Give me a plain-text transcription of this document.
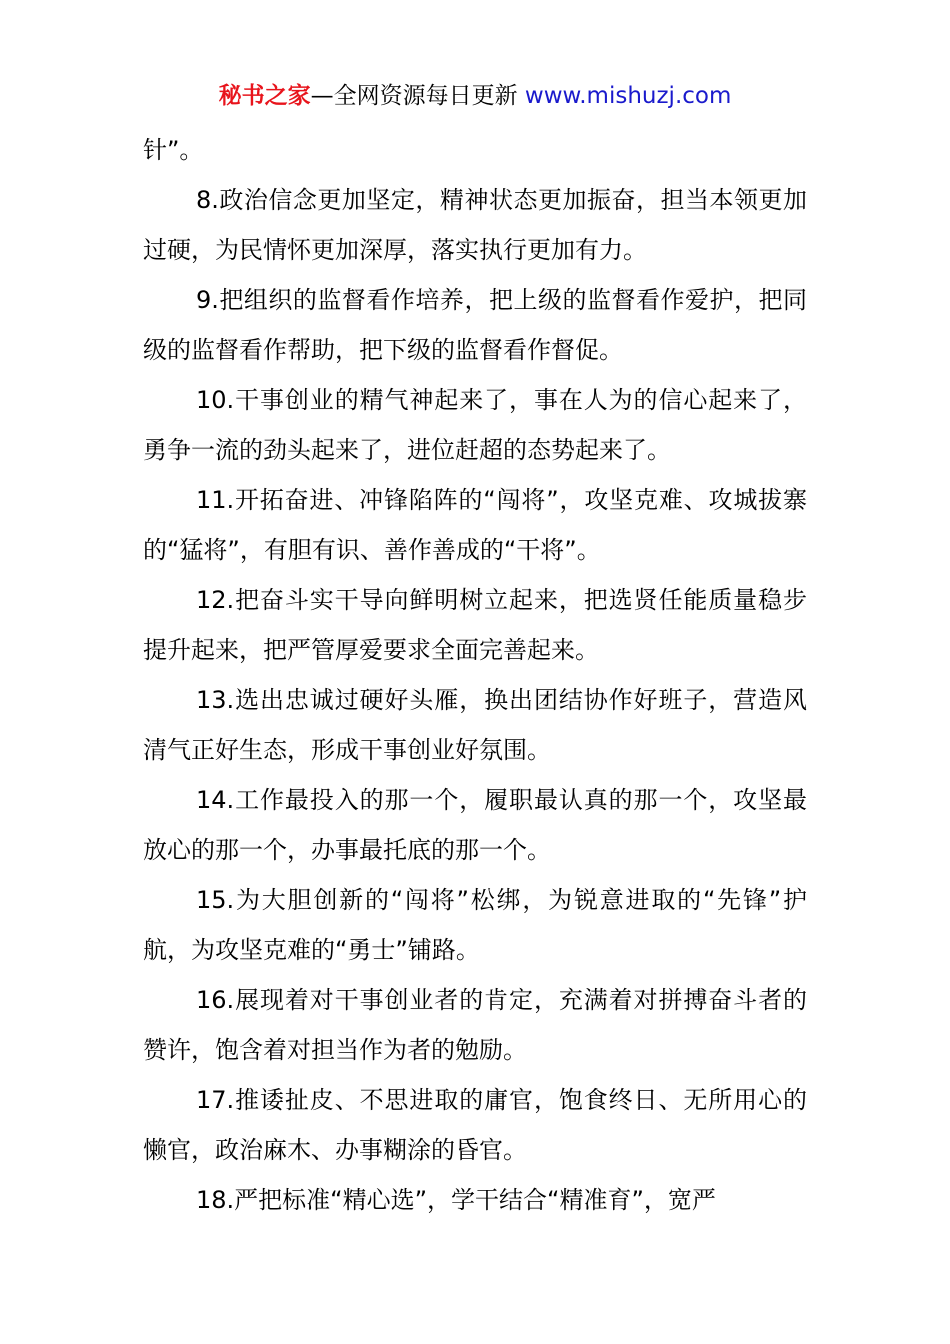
秘书之家—全网资源每日更新 www.mishuzj.com

针”。

8.政治信念更加坚定，精神状态更加振奋，担当本领更加过硬，为民情怀更加深厚，落实执行更加有力。

9.把组织的监督看作培养，把上级的监督看作爱护，把同级的监督看作帮助，把下级的监督看作督促。

10.干事创业的精气神起来了，事在人为的信心起来了，勇争一流的劲头起来了，进位赶超的态势起来了。

11.开拓奋进、冲锋陷阵的“闯将”，攻坚克难、攻城拔寨的“猛将”，有胆有识、善作善成的“干将”。

12.把奋斗实干导向鲜明树立起来，把选贤任能质量稳步提升起来，把严管厚爱要求全面完善起来。

13.选出忠诚过硬好头雁，换出团结协作好班子，营造风清气正好生态，形成干事创业好氛围。

14.工作最投入的那一个，履职最认真的那一个，攻坚最放心的那一个，办事最托底的那一个。

15.为大胆创新的“闯将”松绑，为锐意进取的“先锋”护航，为攻坚克难的“勇士”铺路。

16.展现着对干事创业者的肯定，充满着对拼搏奋斗者的赞许，饱含着对担当作为者的勉励。

17.推诿扯皮、不思进取的庸官，饱食终日、无所用心的懒官，政治麻木、办事糊涂的昏官。

18.严把标准“精心选”，学干结合“精准育”，宽严
